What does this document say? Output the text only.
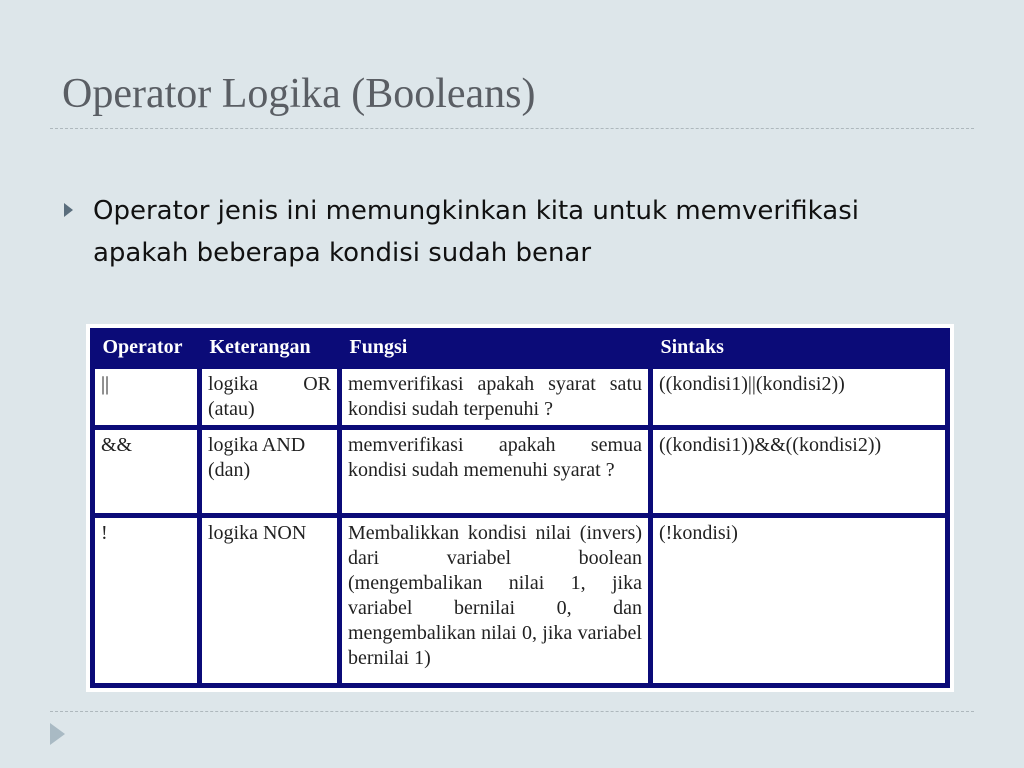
Operator Logika (Booleans)
Operator jenis ini memungkinkan kita untuk memverifikasi apakah beberapa kondisi sudah benar
Operator	Keterangan	Fungsi	Sintaks
||	logika OR (atau)	memverifikasi apakah syarat satu kondisi sudah terpenuhi ?	((kondisi1)||(kondisi2))
&&	logika AND (dan)	memverifikasi apakah semua kondisi sudah memenuhi syarat ?	((kondisi1))&&((kondisi2))
!	logika NON	Membalikkan kondisi nilai (invers) dari variabel boolean (mengembalikan nilai 1, jika variabel bernilai 0, dan mengembalikan nilai 0, jika variabel bernilai 1)	(!kondisi)
